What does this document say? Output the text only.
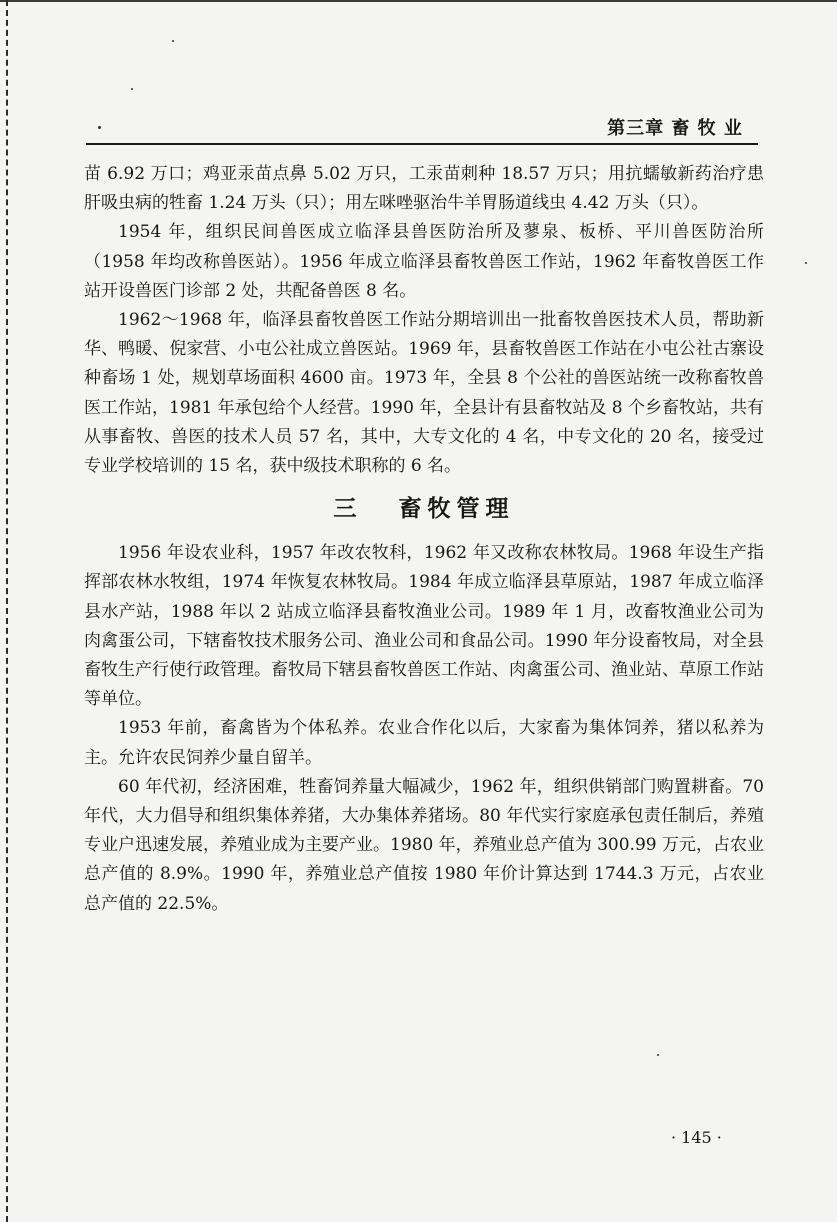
第三章 畜 牧 业

苗 6.92 万口；鸡亚汞苗点鼻 5.02 万只，工汞苗刺种 18.57 万只；用抗蠕敏新药治疗患肝吸虫病的牲畜 1.24 万头（只）；用左咪唑驱治牛羊胃肠道线虫 4.42 万头（只）。

1954 年，组织民间兽医成立临泽县兽医防治所及蓼泉、板桥、平川兽医防治所（1958 年均改称兽医站）。1956 年成立临泽县畜牧兽医工作站，1962 年畜牧兽医工作站开设兽医门诊部 2 处，共配备兽医 8 名。

1962～1968 年，临泽县畜牧兽医工作站分期培训出一批畜牧兽医技术人员，帮助新华、鸭暖、倪家营、小屯公社成立兽医站。1969 年，县畜牧兽医工作站在小屯公社古寨设种畜场 1 处，规划草场面积 4600 亩。1973 年，全县 8 个公社的兽医站统一改称畜牧兽医工作站，1981 年承包给个人经营。1990 年，全县计有县畜牧站及 8 个乡畜牧站，共有从事畜牧、兽医的技术人员 57 名，其中，大专文化的 4 名，中专文化的 20 名，接受过专业学校培训的 15 名，获中级技术职称的 6 名。

三 畜牧管理

1956 年设农业科，1957 年改农牧科，1962 年又改称农林牧局。1968 年设生产指挥部农林水牧组，1974 年恢复农林牧局。1984 年成立临泽县草原站，1987 年成立临泽县水产站，1988 年以 2 站成立临泽县畜牧渔业公司。1989 年 1 月，改畜牧渔业公司为肉禽蛋公司，下辖畜牧技术服务公司、渔业公司和食品公司。1990 年分设畜牧局，对全县畜牧生产行使行政管理。畜牧局下辖县畜牧兽医工作站、肉禽蛋公司、渔业站、草原工作站等单位。

1953 年前，畜禽皆为个体私养。农业合作化以后，大家畜为集体饲养，猪以私养为主。允许农民饲养少量自留羊。

60 年代初，经济困难，牲畜饲养量大幅减少，1962 年，组织供销部门购置耕畜。70 年代，大力倡导和组织集体养猪，大办集体养猪场。80 年代实行家庭承包责任制后，养殖专业户迅速发展，养殖业成为主要产业。1980 年，养殖业总产值为 300.99 万元，占农业总产值的 8.9%。1990 年，养殖业总产值按 1980 年价计算达到 1744.3 万元，占农业总产值的 22.5%。

· 145 ·
